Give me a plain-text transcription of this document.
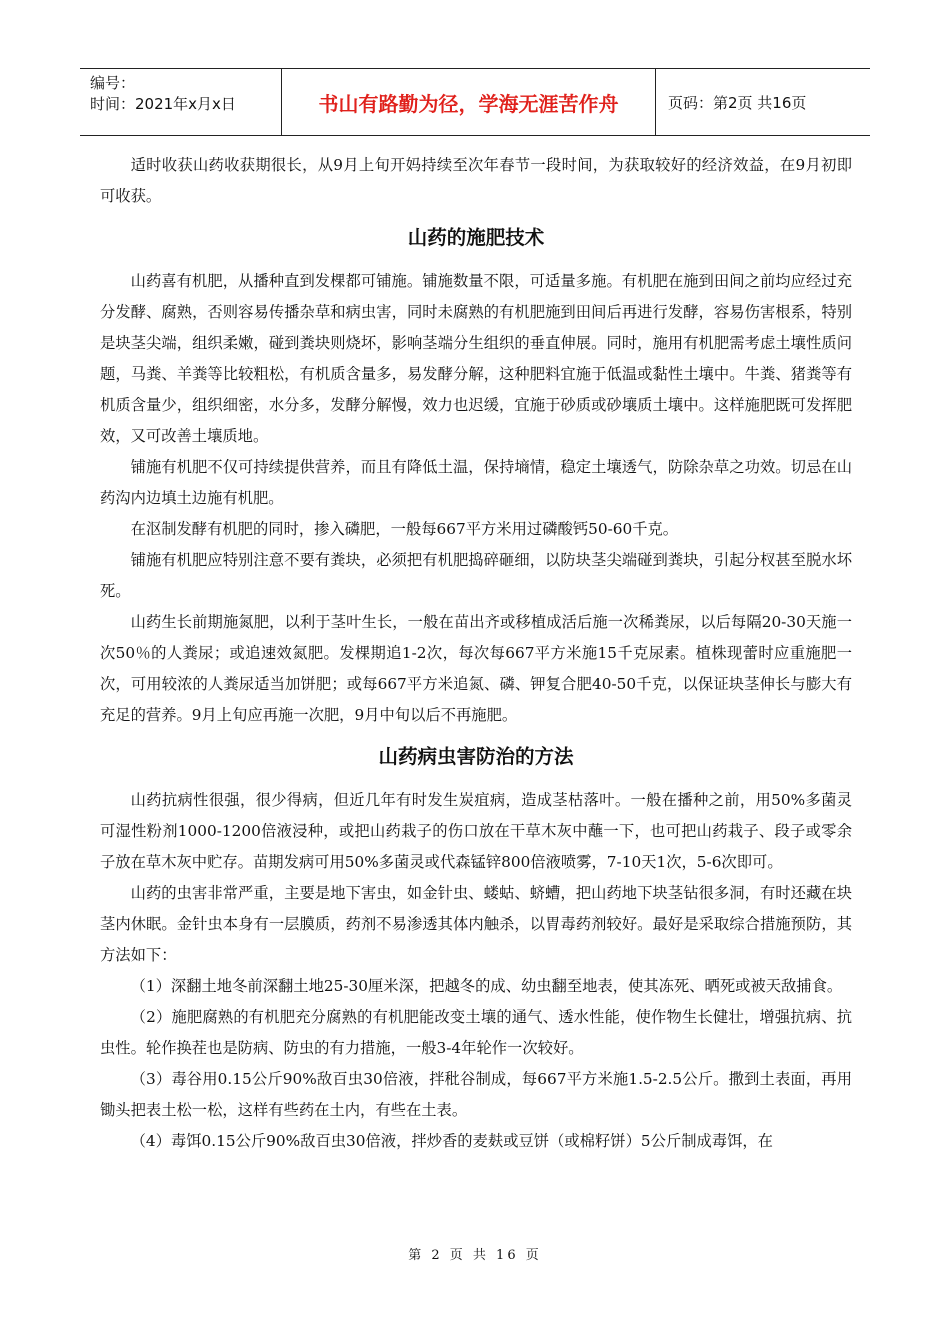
编号：
时间：2021年x月x日	书山有路勤为径，学海无涯苦作舟	页码：第2页 共16页

适时收获山药收获期很长，从9月上旬开妈持续至次年春节一段时间，为获取较好的经济效益，在9月初即可收获。

山药的施肥技术

山药喜有机肥，从播种直到发棵都可铺施。铺施数量不限，可适量多施。有机肥在施到田间之前均应经过充分发酵、腐熟，否则容易传播杂草和病虫害，同时未腐熟的有机肥施到田间后再进行发酵，容易伤害根系，特别是块茎尖端，组织柔嫩，碰到粪块则烧坏，影响茎端分生组织的垂直伸展。同时，施用有机肥需考虑土壤性质问题，马粪、羊粪等比较粗松，有机质含量多，易发酵分解，这种肥料宜施于低温或黏性土壤中。牛粪、猪粪等有机质含量少，组织细密，水分多，发酵分解慢，效力也迟缓，宜施于砂质或砂壤质土壤中。这样施肥既可发挥肥效，又可改善土壤质地。

铺施有机肥不仅可持续提供营养，而且有降低土温，保持墒情，稳定土壤透气，防除杂草之功效。切忌在山药沟内边填土边施有机肥。

在沤制发酵有机肥的同时，掺入磷肥，一般每667平方米用过磷酸钙50-60千克。

铺施有机肥应特别注意不要有粪块，必须把有机肥捣碎砸细，以防块茎尖端碰到粪块，引起分杈甚至脱水坏死。

山药生长前期施氮肥，以利于茎叶生长，一般在苗出齐或移植成活后施一次稀粪尿，以后每隔20-30天施一次50％的人粪尿；或追速效氮肥。发棵期追1-2次，每次每667平方米施15千克尿素。植株现蕾时应重施肥一次，可用较浓的人粪尿适当加饼肥；或每667平方米追氮、磷、钾复合肥40-50千克，以保证块茎伸长与膨大有充足的营养。9月上旬应再施一次肥，9月中旬以后不再施肥。

山药病虫害防治的方法

山药抗病性很强，很少得病，但近几年有时发生炭疽病，造成茎枯落叶。一般在播种之前，用50%多菌灵可湿性粉剂1000-1200倍液浸种，或把山药栽子的伤口放在干草木灰中蘸一下，也可把山药栽子、段子或零余子放在草木灰中贮存。苗期发病可用50%多菌灵或代森锰锌800倍液喷雾，7-10天1次，5-6次即可。

山药的虫害非常严重，主要是地下害虫，如金针虫、蝼蛄、蛴螬，把山药地下块茎钻很多洞，有时还藏在块茎内休眠。金针虫本身有一层膜质，药剂不易渗透其体内触杀，以胃毒药剂较好。最好是采取综合措施预防，其方法如下：

（1）深翻土地冬前深翻土地25-30厘米深，把越冬的成、幼虫翻至地表，使其冻死、晒死或被天敌捕食。

（2）施肥腐熟的有机肥充分腐熟的有机肥能改变土壤的通气、透水性能，使作物生长健壮，增强抗病、抗虫性。轮作换茬也是防病、防虫的有力措施，一般3-4年轮作一次较好。

（3）毒谷用0.15公斤90%敌百虫30倍液，拌秕谷制成，每667平方米施1.5-2.5公斤。撒到土表面，再用锄头把表土松一松，这样有些药在土内，有些在土表。

（4）毒饵0.15公斤90%敌百虫30倍液，拌炒香的麦麸或豆饼（或棉籽饼）5公斤制成毒饵，在

第 2 页 共 16 页
